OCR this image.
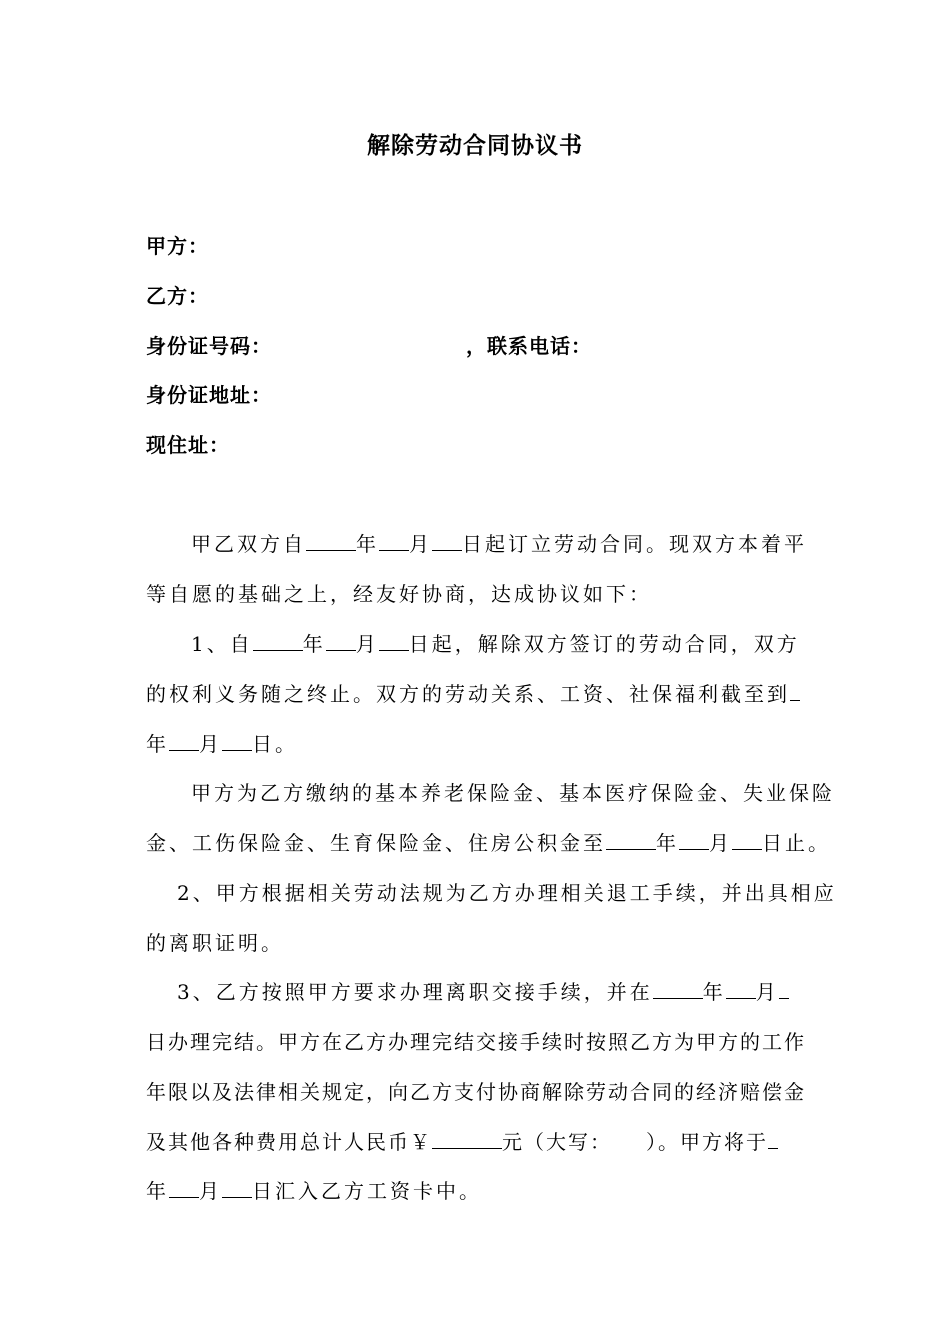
解除劳动合同协议书
甲方：
乙方：
身份证号码：	，联系电话：
身份证地址：
现住址：
甲乙双方自	年 月 日起订立劳动合同。现双方本着平
等自愿的基础之上，经友好协商，达成协议如下：
1、自	年 月 日起，解除双方签订的劳动合同，双方
的权利义务随之终止。双方的劳动关系、工资、社保福利截至到
年 月 日。
甲方为乙方缴纳的基本养老保险金、基本医疗保险金、失业保险
金、工伤保险金、生育保险金、住房公积金至	年 月 日止。
2、甲方根据相关劳动法规为乙方办理相关退工手续，并出具相应
的离职证明。
3、乙方按照甲方要求办理离职交接手续，并在	年 月
日办理完结。甲方在乙方办理完结交接手续时按照乙方为甲方的工作
年限以及法律相关规定，向乙方支付协商解除劳动合同的经济赔偿金
及其他各种费用总计人民币￥	元（大写：　　）。甲方将于
年 月 日汇入乙方工资卡中。
